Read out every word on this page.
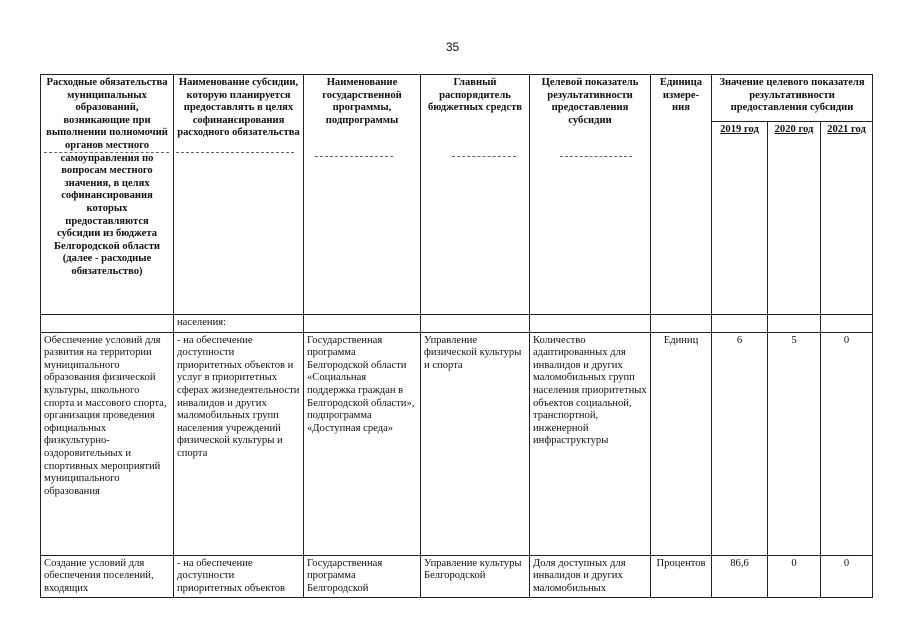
35
Расходные обязательства муниципальных образований, возникающие при выполнении полномочий органов местного самоуправления по вопросам местного значения, в целях софинансирования которых предоставляются субсидии из бюджета Белгородской области (далее - расходные обязательство)	Наименование субсидии, которую планируется предоставлять в целях софинансирования расходного обязательства	Наименование государственной программы, подпрограммы	Главный распорядитель бюджетных средств	Целевой показатель результативности предоставления субсидии	Единица измере-ния	Значение целевого показателя результативности предоставления субсидии		
						2019 год	2020 год	2021 год
	населения:							
Обеспечение условий для развития на территории муниципального образования физической культуры, школьного спорта и массового спорта, организация проведения официальных физкультурно-оздоровительных и спортивных мероприятий муниципального образования	- на обеспечение доступности приоритетных объектов и услуг в приоритетных сферах жизнедеятельности инвалидов и других маломобильных групп населения учреждений физической культуры и спорта	Государственная программа Белгородской области «Социальная поддержка граждан в Белгородской области», подпрограмма «Доступная среда»	Управление физической культуры и спорта	Количество адаптированных для инвалидов и других маломобильных групп населения приоритетных объектов социальной, транспортной, инженерной инфраструктуры	Единиц	6	5	0
Создание условий для обеспечения поселений, входящих	- на обеспечение доступности приоритетных объектов	Государственная программа Белгородской	Управление культуры Белгородской	Доля доступных для инвалидов и других маломобильных	Процентов	86,6	0	0
